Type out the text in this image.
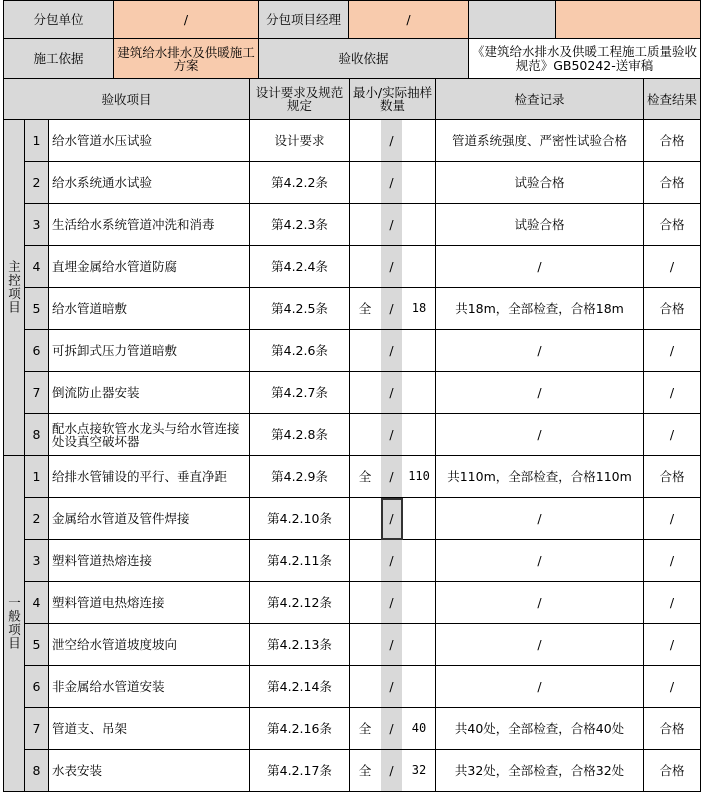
验收项目			设计要求及规范规定	最小/实际抽样数量			检查记录	检查结果
主控项目	1	给水管道水压试验	设计要求		/		管道系统强度、严密性试验合格	合格
	2	给水系统通水试验	第4.2.2条		/		试验合格	合格
	3	生活给水系统管道冲洗和消毒	第4.2.3条		/		试验合格	合格
	4	直埋金属给水管道防腐	第4.2.4条		/		/	/
	5	给水管道暗敷	第4.2.5条	全	/	18	共18m，全部检查，合格18m	合格
	6	可拆卸式压力管道暗敷	第4.2.6条		/		/	/
	7	倒流防止器安装	第4.2.7条		/		/	/
	8	配水点接软管水龙头与给水管连接处设真空破坏器	第4.2.8条		/		/	/
一般项目	1	给排水管铺设的平行、垂直净距	第4.2.9条	全	/	110	共110m，全部检查，合格110m	合格
	2	金属给水管道及管件焊接	第4.2.10条		/		/	/
	3	塑料管道热熔连接	第4.2.11条		/		/	/
	4	塑料管道电热熔连接	第4.2.12条		/		/	/
	5	泄空给水管道坡度坡向	第4.2.13条		/		/	/
	6	非金属给水管道安装	第4.2.14条		/		/	/
	7	管道支、吊架	第4.2.16条	全	/	40	共40处，全部检查，合格40处	合格
	8	水表安装	第4.2.17条	全	/	32	共32处，全部检查，合格32处	合格
分包单位	/	分包项目经理	/		
施工依据	建筑给水排水及供暖施工方案	验收依据		《建筑给水排水及供暖工程施工质量验收规范》GB50242-送审稿	
